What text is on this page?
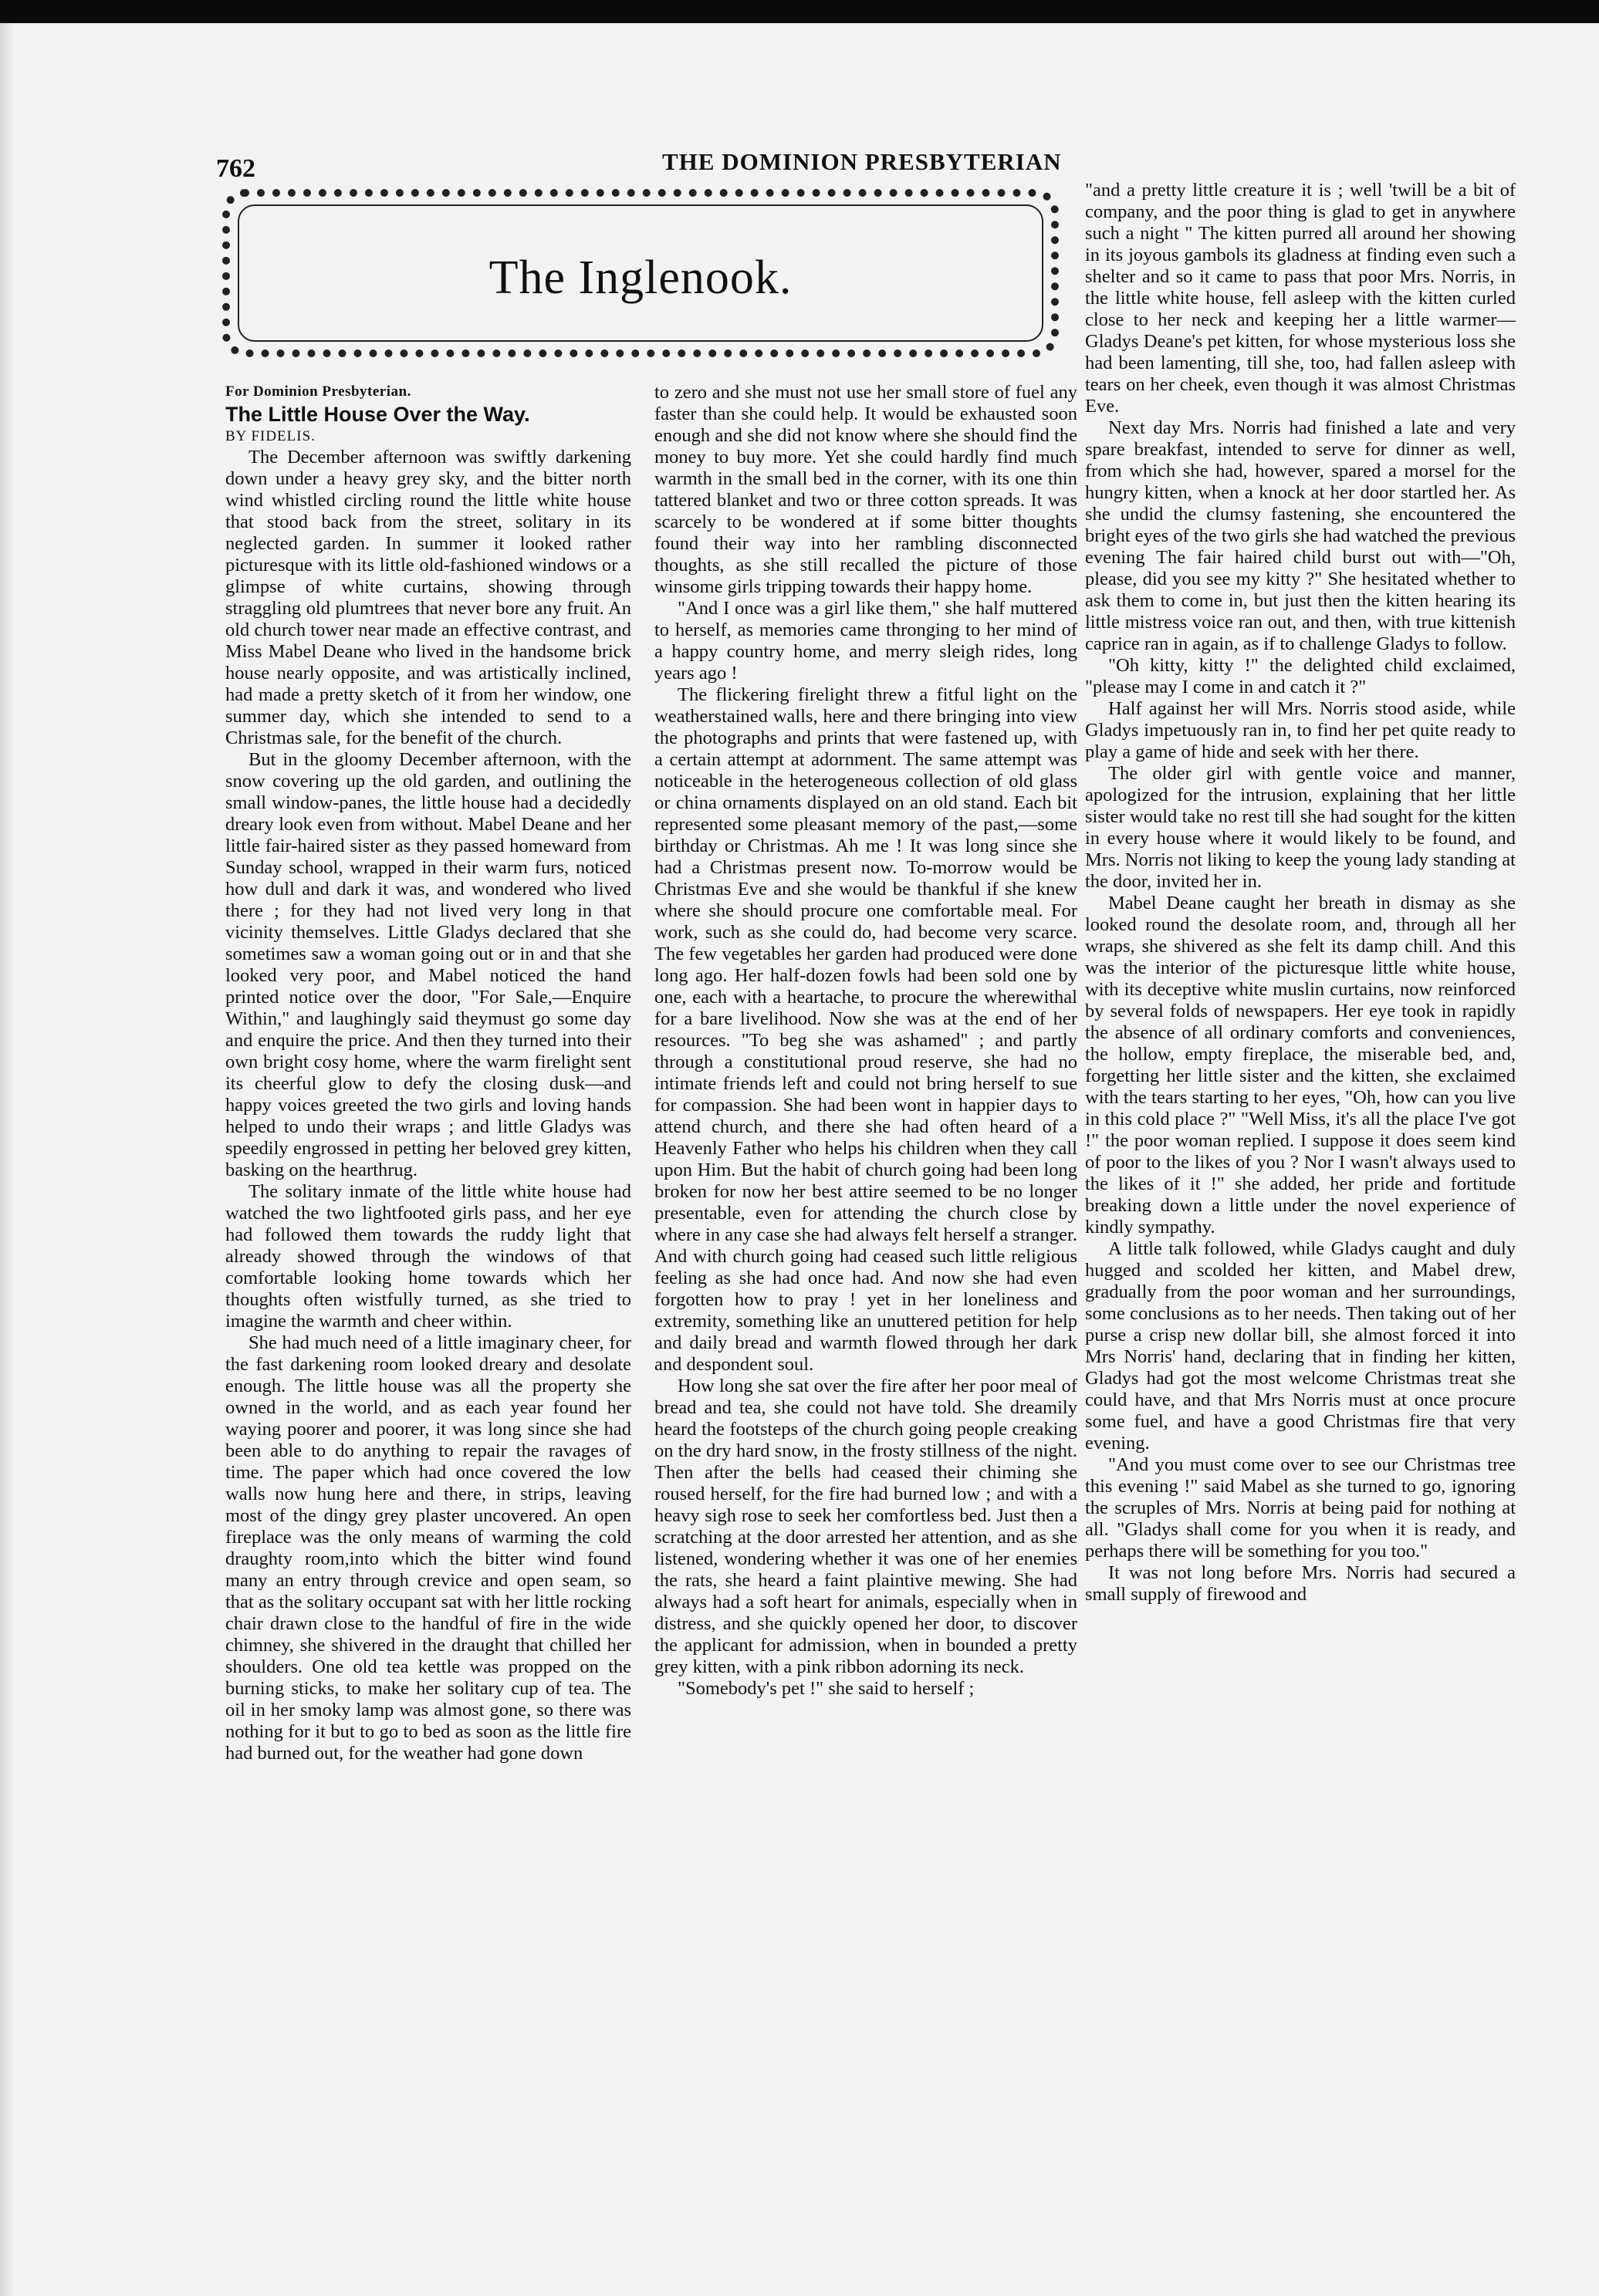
762	THE DOMINION PRESBYTERIAN
The Inglenook.

For Dominion Presbyterian.

The Little House Over the Way.

BY FIDELIS.

The December afternoon was swiftly darkening down under a heavy grey sky, and the bitter north wind whistled circling round the little white house that stood back from the street, solitary in its neglected garden. In summer it looked rather picturesque with its little old-fashioned windows or a glimpse of white curtains, showing through straggling old plumtrees that never bore any fruit. An old church tower near made an effective contrast, and Miss Mabel Deane who lived in the handsome brick house nearly opposite, and was artistically inclined, had made a pretty sketch of it from her window, one summer day, which she intended to send to a Christmas sale, for the benefit of the church.

But in the gloomy December afternoon, with the snow covering up the old garden, and outlining the small window-panes, the little house had a decidedly dreary look even from without. Mabel Deane and her little fair-haired sister as they passed homeward from Sunday school, wrapped in their warm furs, noticed how dull and dark it was, and wondered who lived there ; for they had not lived very long in that vicinity themselves. Little Gladys declared that she sometimes saw a woman going out or in and that she looked very poor, and Mabel noticed the hand printed notice over the door, "For Sale,—Enquire Within," and laughingly said theymust go some day and enquire the price. And then they turned into their own bright cosy home, where the warm firelight sent its cheerful glow to defy the closing dusk—and happy voices greeted the two girls and loving hands helped to undo their wraps ; and little Gladys was speedily engrossed in petting her beloved grey kitten, basking on the hearthrug.

The solitary inmate of the little white house had watched the two lightfooted girls pass, and her eye had followed them towards the ruddy light that already showed through the windows of that comfortable looking home towards which her thoughts often wistfully turned, as she tried to imagine the warmth and cheer within.

She had much need of a little imaginary cheer, for the fast darkening room looked dreary and desolate enough. The little house was all the property she owned in the world, and as each year found her waying poorer and poorer, it was long since she had been able to do anything to repair the ravages of time. The paper which had once covered the low walls now hung here and there, in strips, leaving most of the dingy grey plaster uncovered. An open fireplace was the only means of warming the cold draughty room,into which the bitter wind found many an entry through crevice and open seam, so that as the solitary occupant sat with her little rocking chair drawn close to the handful of fire in the wide chimney, she shivered in the draught that chilled her shoulders. One old tea kettle was propped on the burning sticks, to make her solitary cup of tea. The oil in her smoky lamp was almost gone, so there was nothing for it but to go to bed as soon as the little fire had burned out, for the weather had gone down

to zero and she must not use her small store of fuel any faster than she could help. It would be exhausted soon enough and she did not know where she should find the money to buy more. Yet she could hardly find much warmth in the small bed in the corner, with its one thin tattered blanket and two or three cotton spreads. It was scarcely to be wondered at if some bitter thoughts found their way into her rambling disconnected thoughts, as she still recalled the picture of those winsome girls tripping towards their happy home.

"And I once was a girl like them," she half muttered to herself, as memories came thronging to her mind of a happy country home, and merry sleigh rides, long years ago !

The flickering firelight threw a fitful light on the weatherstained walls, here and there bringing into view the photographs and prints that were fastened up, with a certain attempt at adornment. The same attempt was noticeable in the heterogeneous collection of old glass or china ornaments displayed on an old stand. Each bit represented some pleasant memory of the past,—some birthday or Christmas. Ah me ! It was long since she had a Christmas present now. To-morrow would be Christmas Eve and she would be thankful if she knew where she should procure one comfortable meal. For work, such as she could do, had become very scarce. The few vegetables her garden had produced were done long ago. Her half-dozen fowls had been sold one by one, each with a heartache, to procure the wherewithal for a bare livelihood. Now she was at the end of her resources. "To beg she was ashamed" ; and partly through a constitutional proud reserve, she had no intimate friends left and could not bring herself to sue for compassion. She had been wont in happier days to attend church, and there she had often heard of a Heavenly Father who helps his children when they call upon Him. But the habit of church going had been long broken for now her best attire seemed to be no longer presentable, even for attending the church close by where in any case she had always felt herself a stranger. And with church going had ceased such little religious feeling as she had once had. And now she had even forgotten how to pray ! yet in her loneliness and extremity, something like an unuttered petition for help and daily bread and warmth flowed through her dark and despondent soul.

How long she sat over the fire after her poor meal of bread and tea, she could not have told. She dreamily heard the footsteps of the church going people creaking on the dry hard snow, in the frosty stillness of the night. Then after the bells had ceased their chiming she roused herself, for the fire had burned low ; and with a heavy sigh rose to seek her comfortless bed. Just then a scratching at the door arrested her attention, and as she listened, wondering whether it was one of her enemies the rats, she heard a faint plaintive mewing. She had always had a soft heart for animals, especially when in distress, and she quickly opened her door, to discover the applicant for admission, when in bounded a pretty grey kitten, with a pink ribbon adorning its neck.

"Somebody's pet !" she said to herself ;

"and a pretty little creature it is ; well 'twill be a bit of company, and the poor thing is glad to get in anywhere such a night " The kitten purred all around her showing in its joyous gambols its gladness at finding even such a shelter and so it came to pass that poor Mrs. Norris, in the little white house, fell asleep with the kitten curled close to her neck and keeping her a little warmer—Gladys Deane's pet kitten, for whose mysterious loss she had been lamenting, till she, too, had fallen asleep with tears on her cheek, even though it was almost Christmas Eve.

Next day Mrs. Norris had finished a late and very spare breakfast, intended to serve for dinner as well, from which she had, however, spared a morsel for the hungry kitten, when a knock at her door startled her. As she undid the clumsy fastening, she encountered the bright eyes of the two girls she had watched the previous evening The fair haired child burst out with—"Oh, please, did you see my kitty ?" She hesitated whether to ask them to come in, but just then the kitten hearing its little mistress voice ran out, and then, with true kittenish caprice ran in again, as if to challenge Gladys to follow.

"Oh kitty, kitty !" the delighted child exclaimed, "please may I come in and catch it ?"

Half against her will Mrs. Norris stood aside, while Gladys impetuously ran in, to find her pet quite ready to play a game of hide and seek with her there.

The older girl with gentle voice and manner, apologized for the intrusion, explaining that her little sister would take no rest till she had sought for the kitten in every house where it would likely to be found, and Mrs. Norris not liking to keep the young lady standing at the door, invited her in.

Mabel Deane caught her breath in dismay as she looked round the desolate room, and, through all her wraps, she shivered as she felt its damp chill. And this was the interior of the picturesque little white house, with its deceptive white muslin curtains, now reinforced by several folds of newspapers. Her eye took in rapidly the absence of all ordinary comforts and conveniences, the hollow, empty fireplace, the miserable bed, and, forgetting her little sister and the kitten, she exclaimed with the tears starting to her eyes, "Oh, how can you live in this cold place ?" "Well Miss, it's all the place I've got !" the poor woman replied. I suppose it does seem kind of poor to the likes of you ? Nor I wasn't always used to the likes of it !" she added, her pride and fortitude breaking down a little under the novel experience of kindly sympathy.

A little talk followed, while Gladys caught and duly hugged and scolded her kitten, and Mabel drew, gradually from the poor woman and her surroundings, some conclusions as to her needs. Then taking out of her purse a crisp new dollar bill, she almost forced it into Mrs Norris' hand, declaring that in finding her kitten, Gladys had got the most welcome Christmas treat she could have, and that Mrs Norris must at once procure some fuel, and have a good Christmas fire that very evening.

"And you must come over to see our Christmas tree this evening !" said Mabel as she turned to go, ignoring the scruples of Mrs. Norris at being paid for nothing at all. "Gladys shall come for you when it is ready, and perhaps there will be something for you too."

It was not long before Mrs. Norris had secured a small supply of firewood and
